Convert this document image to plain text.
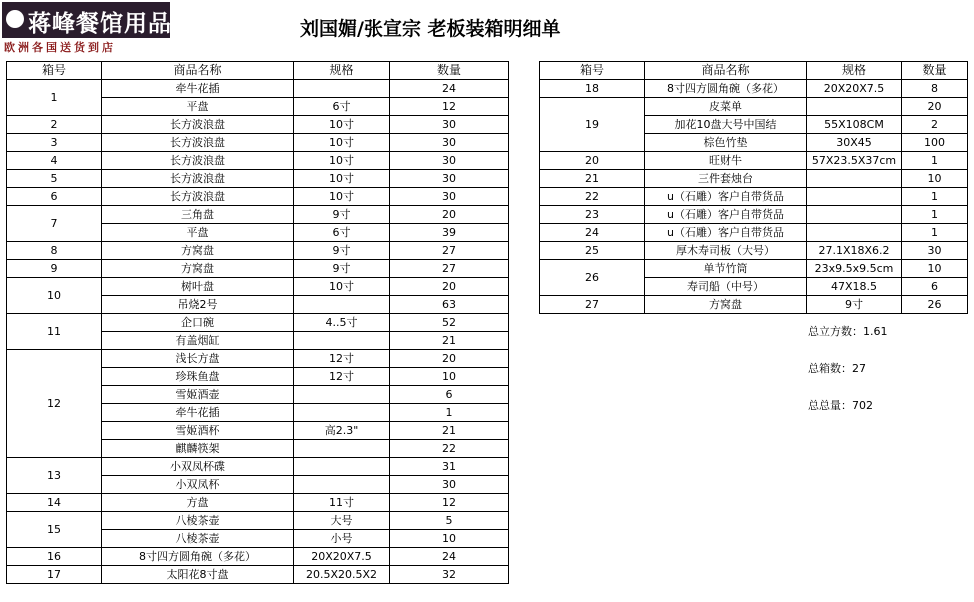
蒋峰餐馆用品
欧洲各国送货到店
刘国媚/张宣宗 老板装箱明细单
箱号	商品名称	规格	数量
1	牵牛花插		24
	平盘	6寸	12
2	长方波浪盘	10寸	30
3	长方波浪盘	10寸	30
4	长方波浪盘	10寸	30
5	长方波浪盘	10寸	30
6	长方波浪盘	10寸	30
7	三角盘	9寸	20
	平盘	6寸	39
8	方窝盘	9寸	27
9	方窝盘	9寸	27
10	树叶盘	10寸	20
	吊烧2号		63
11	企口碗	4..5寸	52
	有盖烟缸		21
12	浅长方盘	12寸	20
	珍珠鱼盘	12寸	10
	雪姬酒壶		6
	牵牛花插		1
	雪姬酒杯	高2.3"	21
	麒麟筷架		22
13	小双凤杯碟		31
	小双凤杯		30
14	方盘	11寸	12
15	八棱茶壶	大号	5
	八棱茶壶	小号	10
16	8寸四方圆角碗（多花）	20X20X7.5	24
17	太阳花8寸盘	20.5X20.5X2	32
箱号	商品名称	规格	数量
18	8寸四方圆角碗（多花）	20X20X7.5	8
19	皮菜单		20
	加花10盘大号中国结	55X108CM	2
	棕色竹垫	30X45	100
20	旺财牛	57X23.5X37cm	1
21	三件套烛台		10
22	u（石雕）客户自带货品		1
23	u（石雕）客户自带货品		1
24	u（石雕）客户自带货品		1
25	厚木寿司板（大号）	27.1X18X6.2	30
26	单节竹筒	23x9.5x9.5cm	10
	寿司船（中号）	47X18.5	6
27	方窝盘	9寸	26
总立方数：1.61
总箱数：27
总总量：702
